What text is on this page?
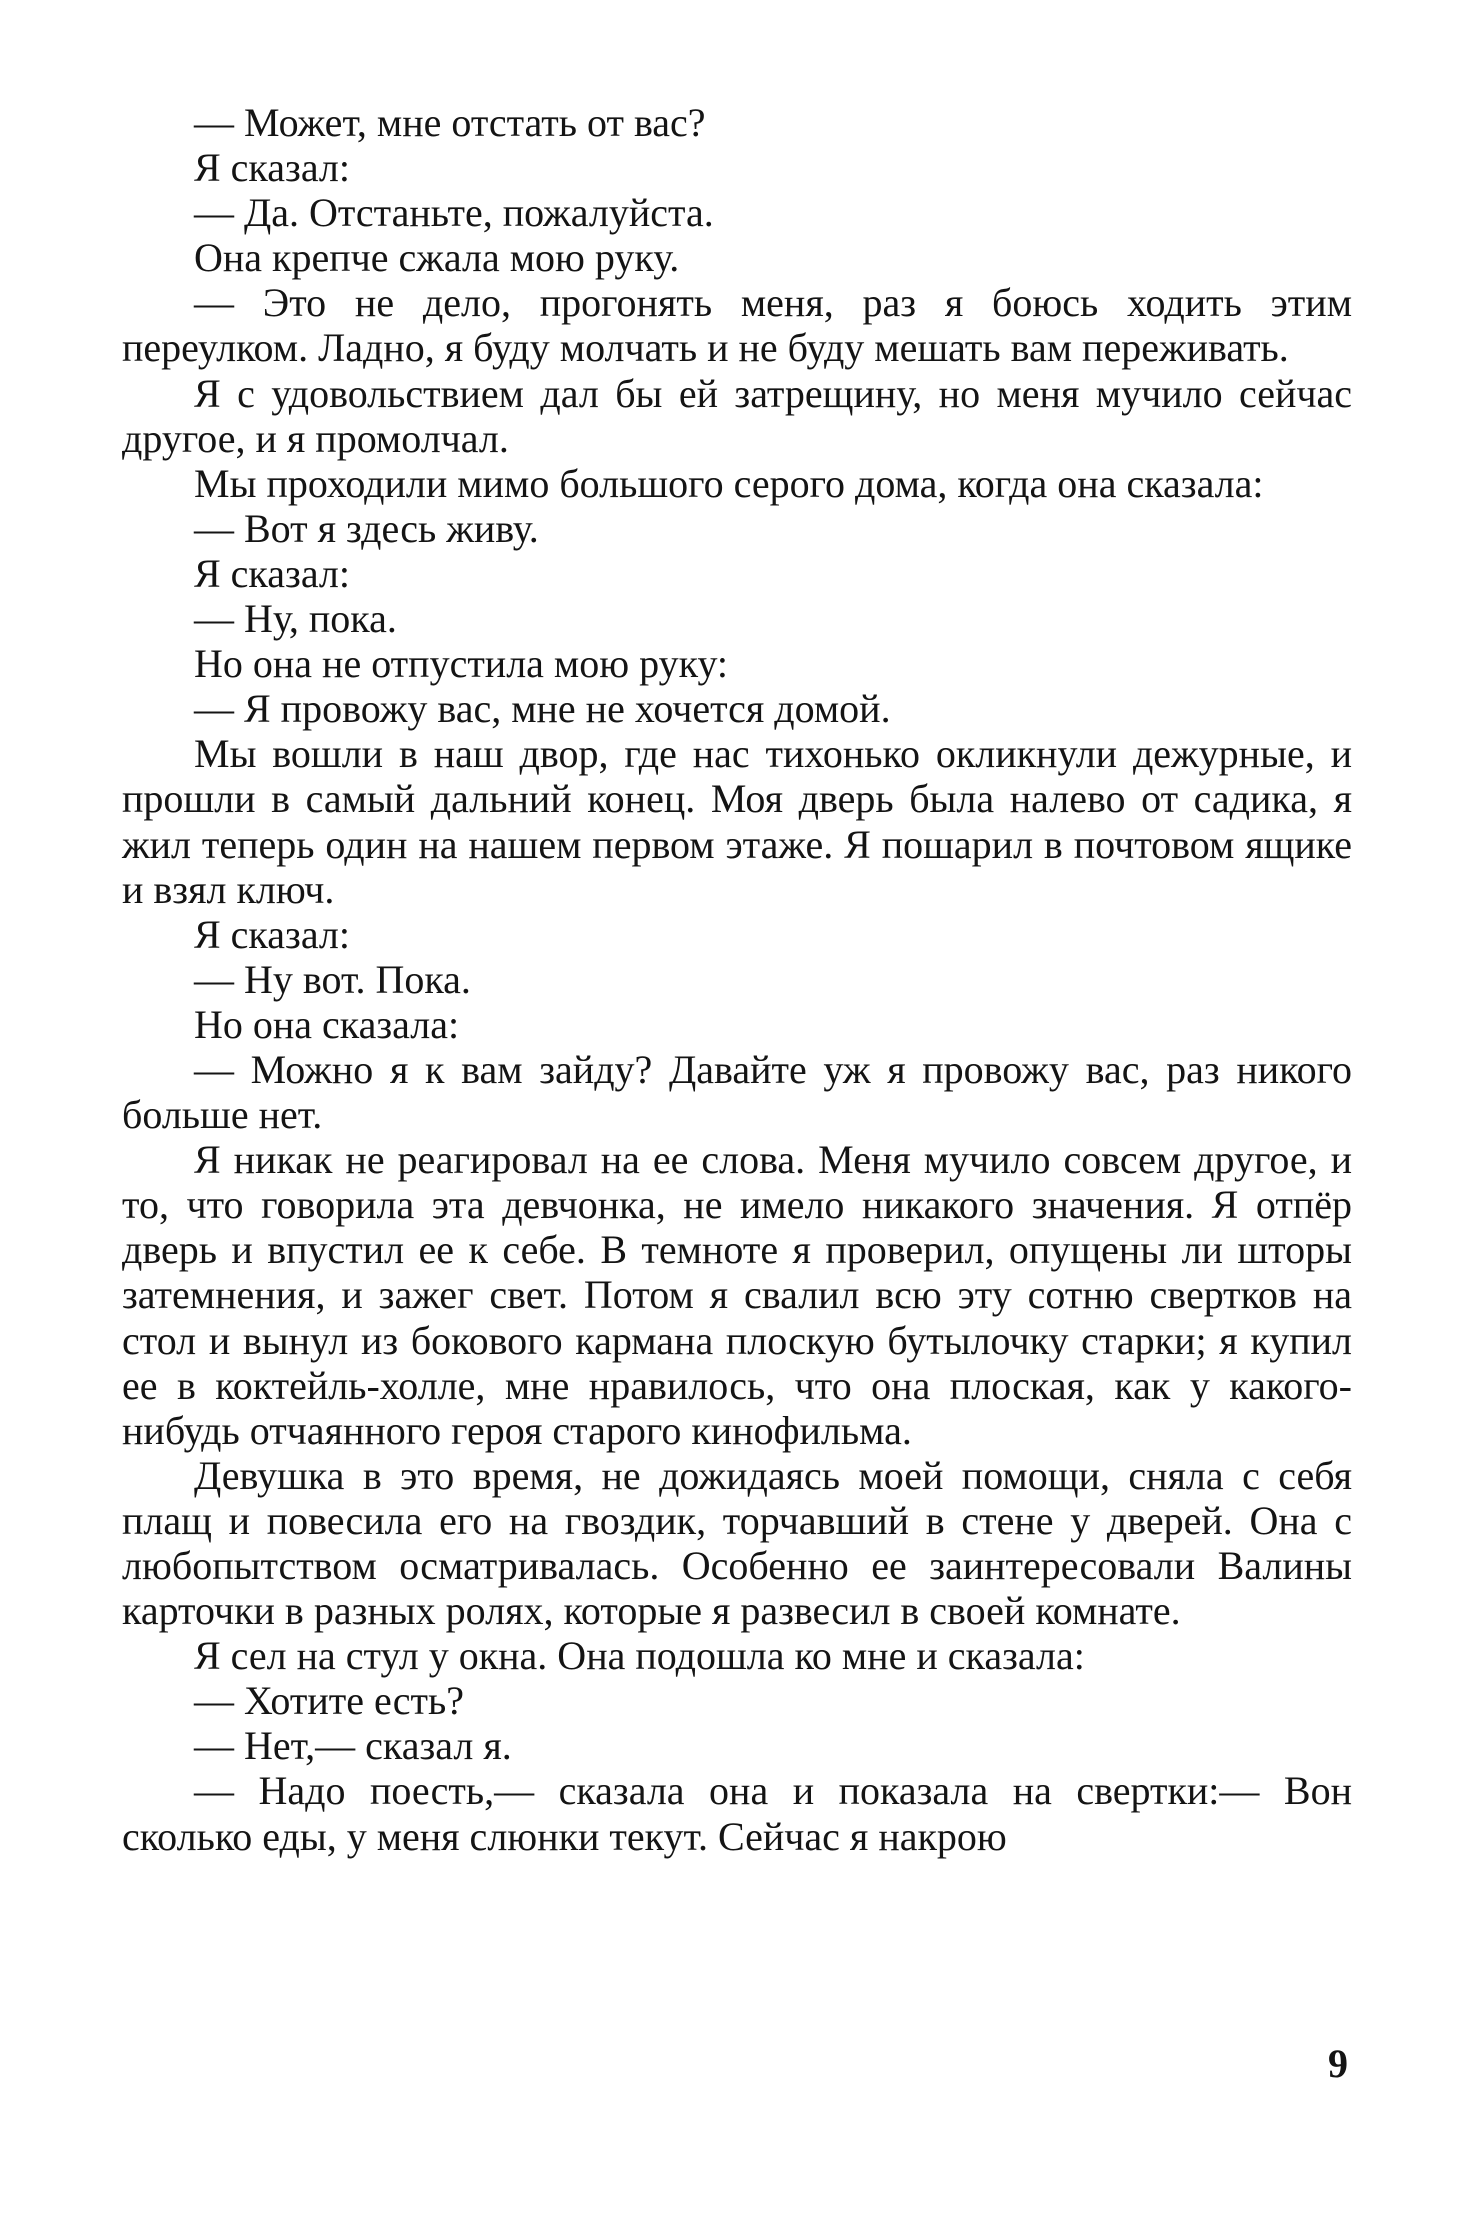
— Может, мне отстать от вас?

Я сказал:

— Да. Отстаньте, пожалуйста.

Она крепче сжала мою руку.

— Это не дело, прогонять меня, раз я боюсь ходить этим переулком. Ладно, я буду молчать и не буду мешать вам переживать.

Я с удовольствием дал бы ей затрещину, но меня мучило сейчас другое, и я промолчал.

Мы проходили мимо большого серого дома, когда она сказала:

— Вот я здесь живу.

Я сказал:

— Ну, пока.

Но она не отпустила мою руку:

— Я провожу вас, мне не хочется домой.

Мы вошли в наш двор, где нас тихонько окликнули дежурные, и прошли в самый дальний конец. Моя дверь была налево от садика, я жил теперь один на нашем первом этаже. Я пошарил в почтовом ящике и взял ключ.

Я сказал:

— Ну вот. Пока.

Но она сказала:

— Можно я к вам зайду? Давайте уж я провожу вас, раз никого больше нет.

Я никак не реагировал на ее слова. Меня мучило совсем другое, и то, что говорила эта девчонка, не имело никакого значения. Я отпёр дверь и впустил ее к себе. В темноте я проверил, опущены ли шторы затемнения, и зажег свет. Потом я свалил всю эту сотню свертков на стол и вынул из бокового кармана плоскую бутылочку старки; я купил ее в коктейль-холле, мне нравилось, что она плоская, как у какого-нибудь отчаянного героя старого кинофильма.

Девушка в это время, не дожидаясь моей помощи, сняла с себя плащ и повесила его на гвоздик, торчавший в стене у дверей. Она с любопытством осматривалась. Особенно ее заинтересовали Валины карточки в разных ролях, которые я развесил в своей комнате.

Я сел на стул у окна. Она подошла ко мне и сказала:

— Хотите есть?

— Нет,— сказал я.

— Надо поесть,— сказала она и показала на свертки:— Вон сколько еды, у меня слюнки текут. Сейчас я накрою

9
